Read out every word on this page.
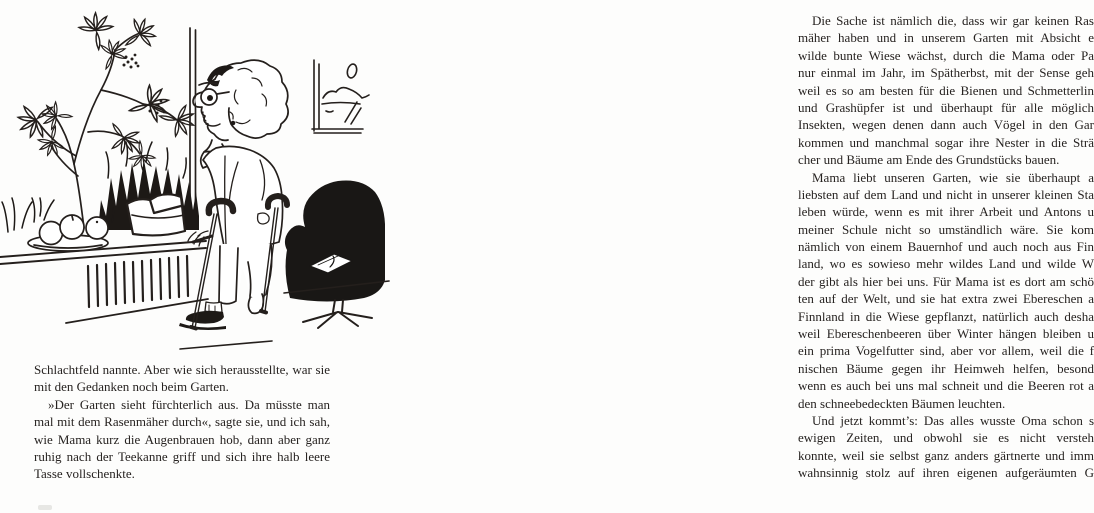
Schlachtfeld nannte. Aber wie sich herausstellte, war sie
mit den Gedanken noch beim Garten.
»Der Garten sieht fürchterlich aus. Da müsste man
mal mit dem Rasenmäher durch«, sagte sie, und ich sah,
wie Mama kurz die Augenbrauen hob, dann aber ganz
ruhig nach der Teekanne griff und sich ihre halb leere
Tasse vollschenkte.
Die Sache ist nämlich die, dass wir gar keinen Ras
mäher haben und in unserem Garten mit Absicht e
wilde bunte Wiese wächst, durch die Mama oder Pa
nur einmal im Jahr, im Spätherbst, mit der Sense geh
weil es so am besten für die Bienen und Schmetterlin
und Grashüpfer ist und überhaupt für alle möglich
Insekten, wegen denen dann auch Vögel in den Gar
kommen und manchmal sogar ihre Nester in die Strä
cher und Bäume am Ende des Grundstücks bauen.
Mama liebt unseren Garten, wie sie überhaupt a
liebsten auf dem Land und nicht in unserer kleinen Sta
leben würde, wenn es mit ihrer Arbeit und Antons u
meiner Schule nicht so umständlich wäre. Sie kom
nämlich von einem Bauernhof und auch noch aus Fin
land, wo es sowieso mehr wildes Land und wilde W
der gibt als hier bei uns. Für Mama ist es dort am schö
ten auf der Welt, und sie hat extra zwei Ebereschen a
Finnland in die Wiese gepflanzt, natürlich auch desha
weil Ebereschenbeeren über Winter hängen bleiben u
ein prima Vogelfutter sind, aber vor allem, weil die f
nischen Bäume gegen ihr Heimweh helfen, besond
wenn es auch bei uns mal schneit und die Beeren rot a
den schneebedeckten Bäumen leuchten.
Und jetzt kommt’s: Das alles wusste Oma schon s
ewigen Zeiten, und obwohl sie es nicht versteh
konnte, weil sie selbst ganz anders gärtnerte und imm
wahnsinnig stolz auf ihren eigenen aufgeräumten G
